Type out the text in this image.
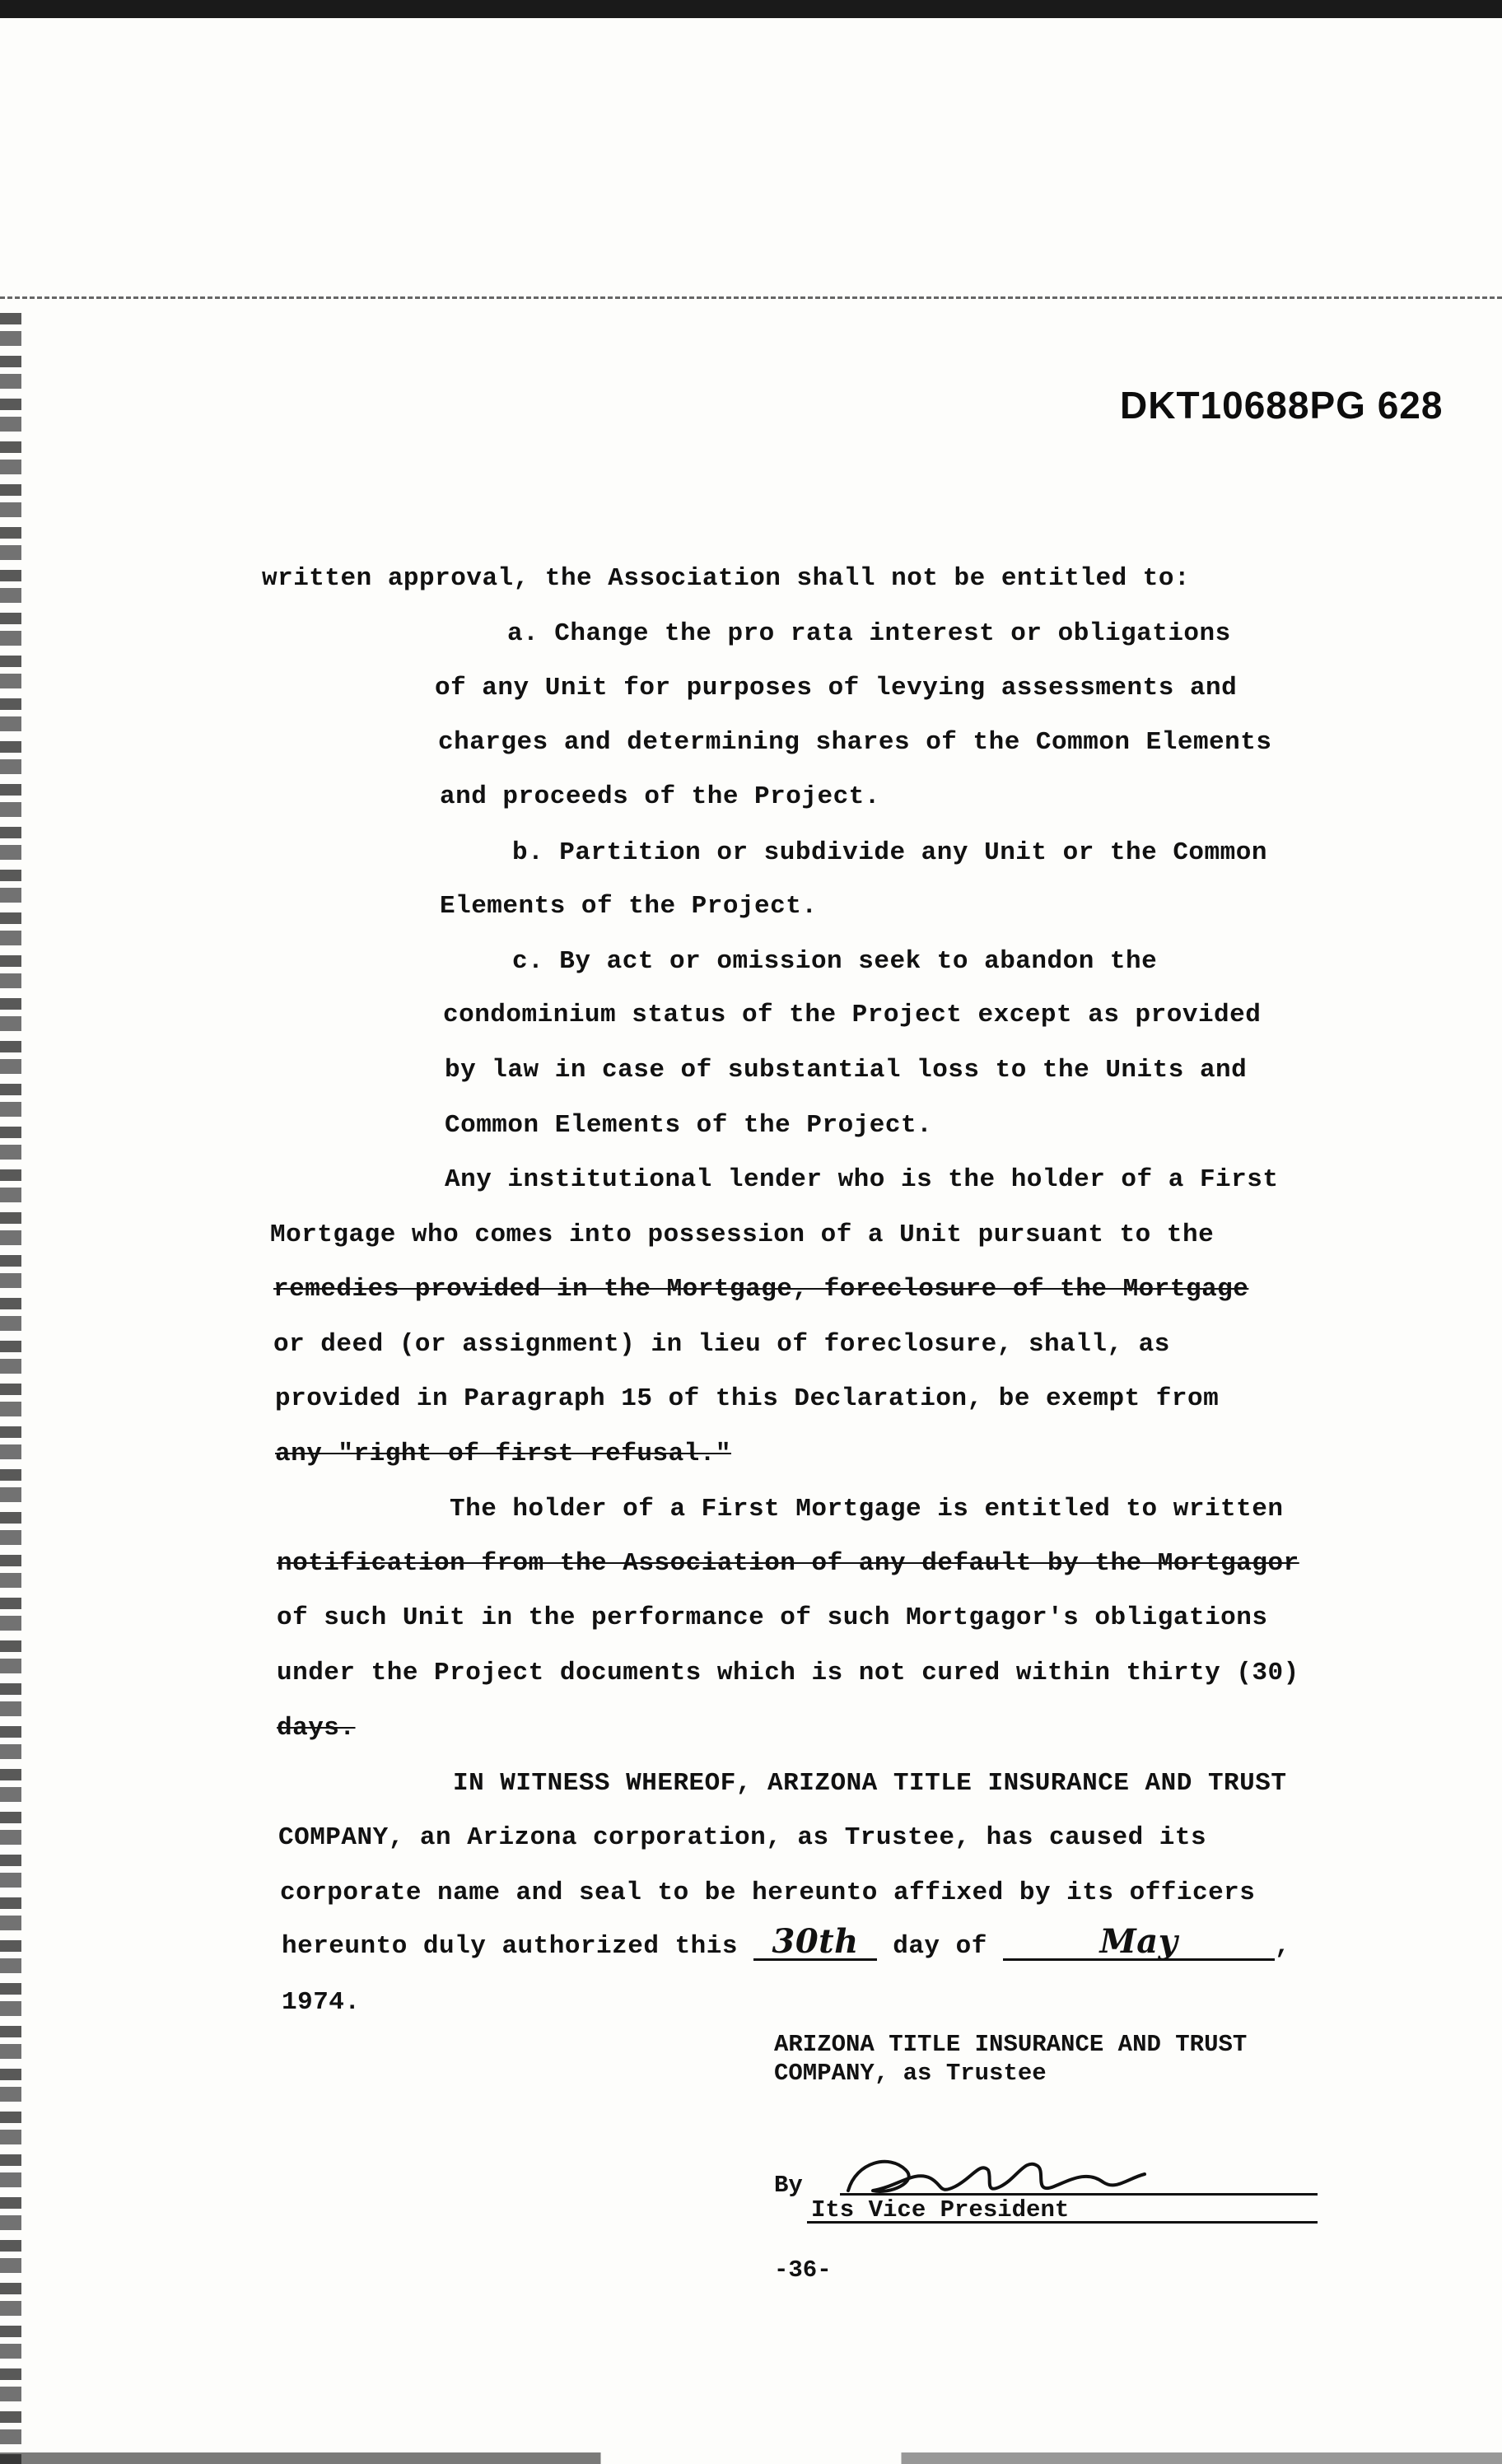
DKT10688PG 628
written approval, the Association shall not be entitled to:
a. Change the pro rata interest or obligations
of any Unit for purposes of levying assessments and
charges and determining shares of the Common Elements
and proceeds of the Project.
b. Partition or subdivide any Unit or the Common
Elements of the Project.
c. By act or omission seek to abandon the
condominium status of the Project except as provided
by law in case of substantial loss to the Units and
Common Elements of the Project.
Any institutional lender who is the holder of a First
Mortgage who comes into possession of a Unit pursuant to the
remedies provided in the Mortgage, foreclosure of the Mortgage
or deed (or assignment) in lieu of foreclosure, shall, as
provided in Paragraph 15 of this Declaration, be exempt from
any "right of first refusal."
The holder of a First Mortgage is entitled to written
notification from the Association of any default by the Mortgagor
of such Unit in the performance of such Mortgagor's obligations
under the Project documents which is not cured within thirty (30)
days.
IN WITNESS WHEREOF, ARIZONA TITLE INSURANCE AND TRUST
COMPANY, an Arizona corporation, as Trustee, has caused its
corporate name and seal to be hereunto affixed by its officers
hereunto duly authorized this 30th day of	May	,
1974.
ARIZONA TITLE INSURANCE AND TRUST
COMPANY, as Trustee
By
Its Vice President
-36-
